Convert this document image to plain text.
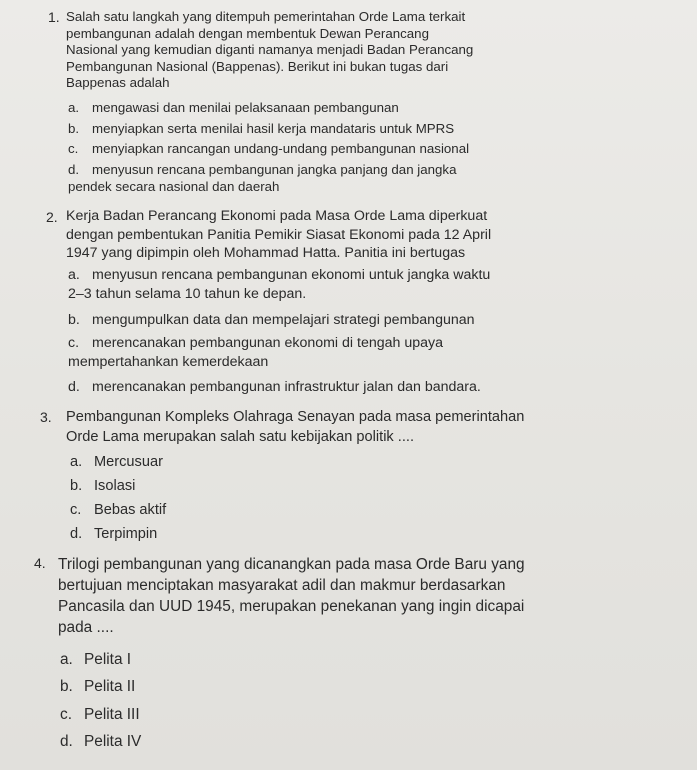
1. Salah satu langkah yang ditempuh pemerintahan Orde Lama terkait
pembangunan adalah dengan membentuk Dewan Perancang
Nasional yang kemudian diganti namanya menjadi Badan Perancang
Pembangunan Nasional (Bappenas). Berikut ini bukan tugas dari
Bappenas adalah
a. mengawasi dan menilai pelaksanaan pembangunan
b. menyiapkan serta menilai hasil kerja mandataris untuk MPRS
c. menyiapkan rancangan undang-undang pembangunan nasional
d. menyusun rencana pembangunan jangka panjang dan jangka
pendek secara nasional dan daerah
2. Kerja Badan Perancang Ekonomi pada Masa Orde Lama diperkuat
dengan pembentukan Panitia Pemikir Siasat Ekonomi pada 12 April
1947 yang dipimpin oleh Mohammad Hatta. Panitia ini bertugas
a. menyusun rencana pembangunan ekonomi untuk jangka waktu
2–3 tahun selama 10 tahun ke depan.
b. mengumpulkan data dan mempelajari strategi pembangunan
c. merencanakan pembangunan ekonomi di tengah upaya
mempertahankan kemerdekaan
d. merencanakan pembangunan infrastruktur jalan dan bandara.
3. Pembangunan Kompleks Olahraga Senayan pada masa pemerintahan
Orde Lama merupakan salah satu kebijakan politik ....
a. Mercusuar
b. Isolasi
c. Bebas aktif
d. Terpimpin
4. Trilogi pembangunan yang dicanangkan pada masa Orde Baru yang
bertujuan menciptakan masyarakat adil dan makmur berdasarkan
Pancasila dan UUD 1945, merupakan penekanan yang ingin dicapai
pada ....
a. Pelita I
b. Pelita II
c. Pelita III
d. Pelita IV
